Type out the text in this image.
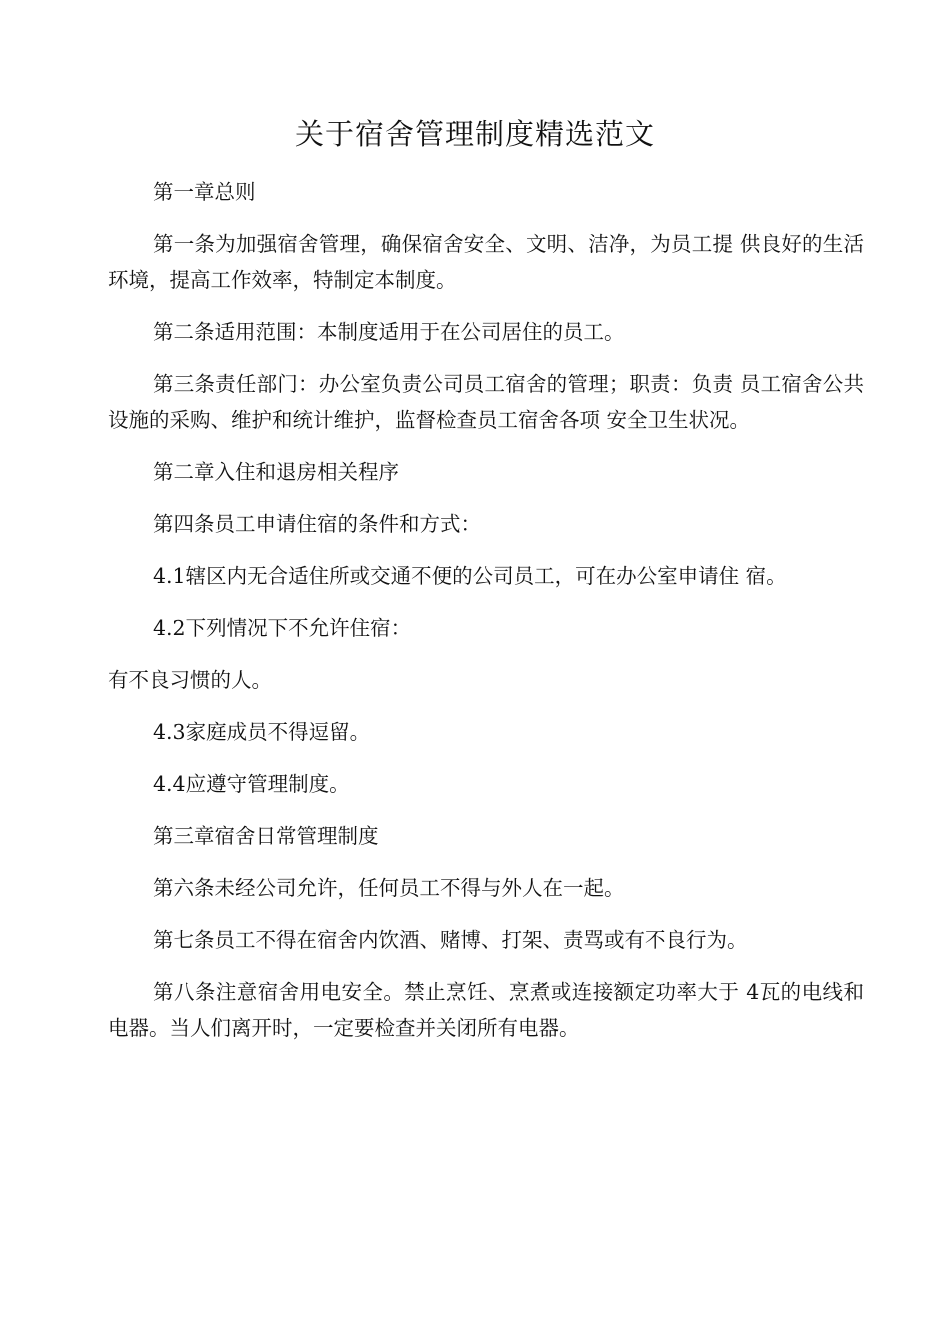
关于宿舍管理制度精选范文

第一章总则

第一条为加强宿舍管理，确保宿舍安全、文明、洁净，为员工提 供良好的生活环境，提高工作效率，特制定本制度。

第二条适用范围：本制度适用于在公司居住的员工。

第三条责任部门：办公室负责公司员工宿舍的管理；职责：负责 员工宿舍公共设施的采购、维护和统计维护，监督检查员工宿舍各项 安全卫生状况。

第二章入住和退房相关程序

第四条员工申请住宿的条件和方式：

4.1辖区内无合适住所或交通不便的公司员工，可在办公室申请住 宿。

4.2下列情况下不允许住宿：

有不良习惯的人。

4.3家庭成员不得逗留。

4.4应遵守管理制度。

第三章宿舍日常管理制度

第六条未经公司允许，任何员工不得与外人在一起。

第七条员工不得在宿舍内饮酒、赌博、打架、责骂或有不良行为。

第八条注意宿舍用电安全。禁止烹饪、烹煮或连接额定功率大于 4瓦的电线和电器。当人们离开时，一定要检查并关闭所有电器。
